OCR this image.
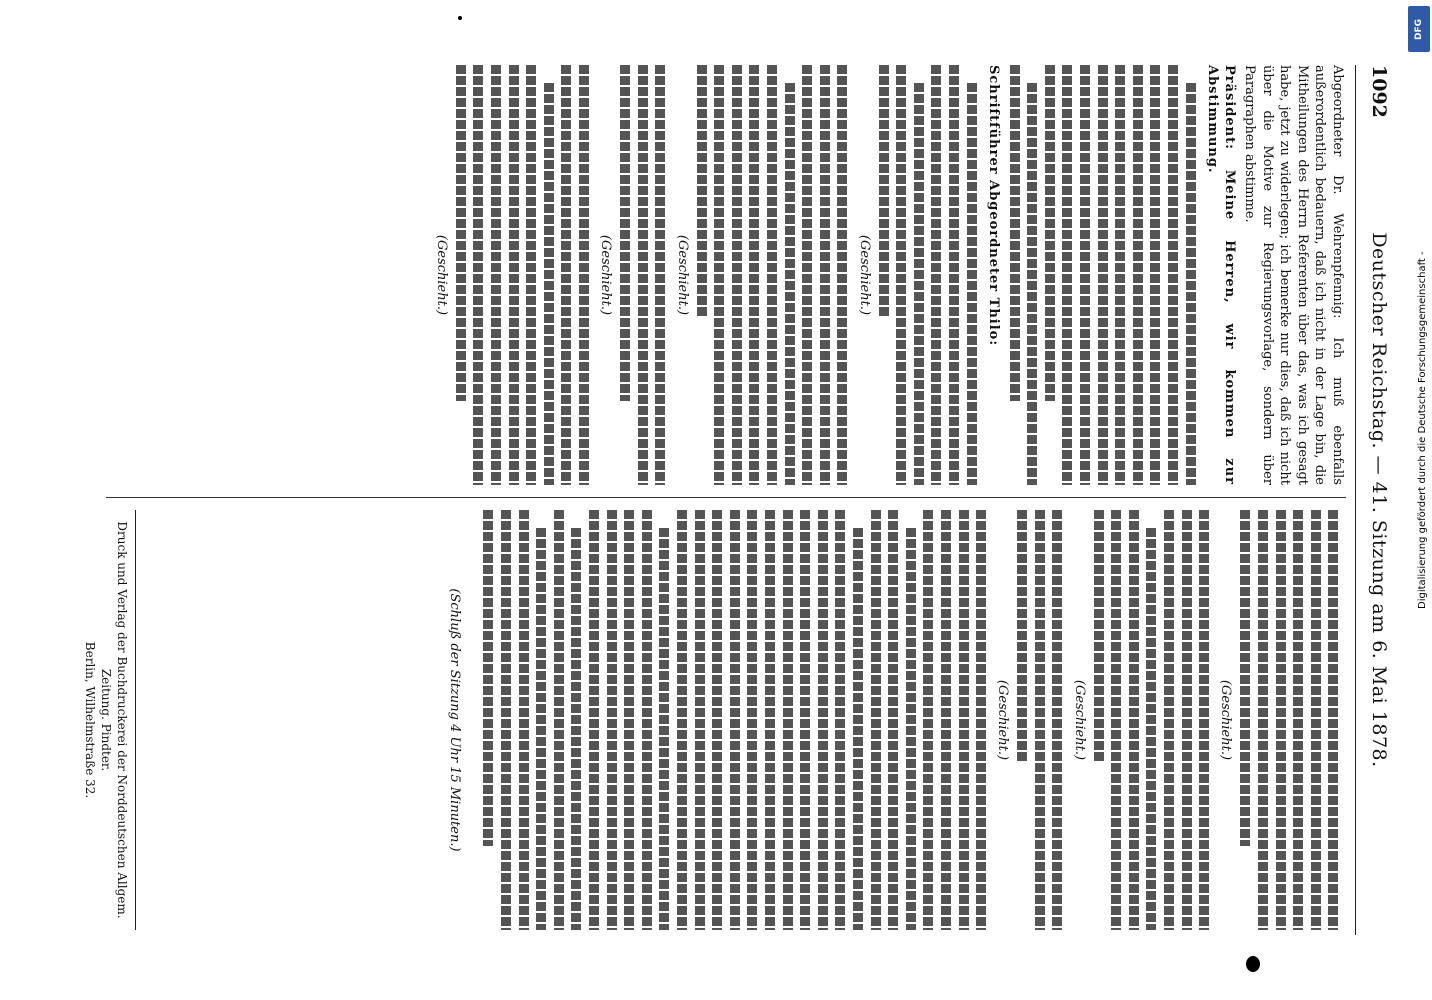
1092
Deutscher Reichstag. — 41. Sitzung am 6. Mai 1878.

Abgeordneter Dr. Wehrenpfennig: Ich muß ebenfalls außerordentlich bedauern, daß ich nicht in der Lage bin, die Mitheilungen des Herrn Referenten über das, was ich gesagt habe, jetzt zu widerlegen; ich bemerke nur dies, daß ich nicht über die Motive zur Regierungsvorlage, sondern über Paragraphen abstimme.

Präsident: Meine Herren, wir kommen zur Abstimmung.

Schriftführer Abgeordneter Thilo:

(Geschieht.)

(Geschieht.)

(Geschieht.)

(Geschieht.)

(Geschieht.)

(Geschieht.)

(Geschieht.)

(Schluß der Sitzung 4 Uhr 15 Minuten.)

Druck und Verlag der Buchdruckerei der Norddeutschen Allgem. Zeitung. Pindter.
Berlin, Wilhelmstraße 32.
DFG
Digitalisierung gefördert durch die Deutsche Forschungsgemeinschaft -
